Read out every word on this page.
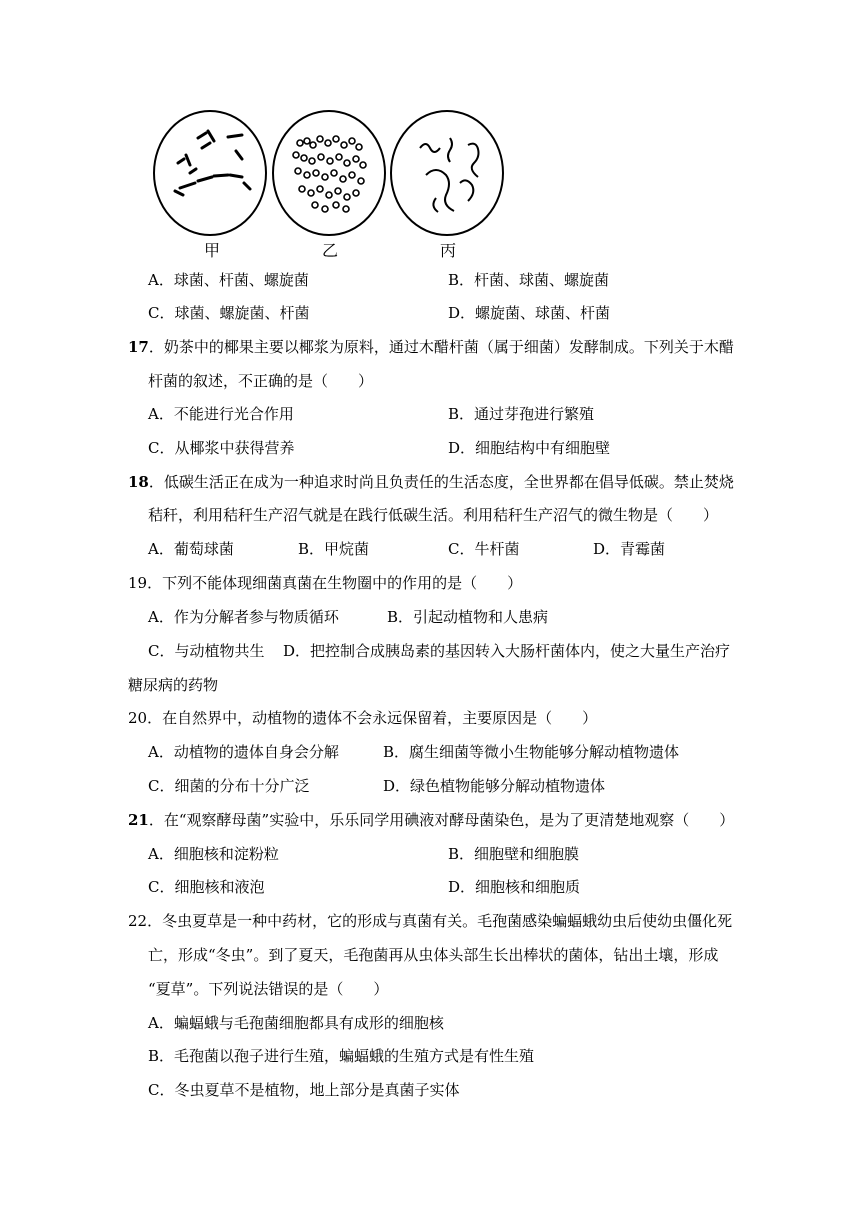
甲	乙	丙
A．球菌、杆菌、螺旋菌	B．杆菌、球菌、螺旋菌
C．球菌、螺旋菌、杆菌	D．螺旋菌、球菌、杆菌
17．奶茶中的椰果主要以椰浆为原料，通过木醋杆菌（属于细菌）发酵制成。下列关于木醋
杆菌的叙述，不正确的是（　　）
A．不能进行光合作用	B．通过芽孢进行繁殖
C．从椰浆中获得营养	D．细胞结构中有细胞壁
18．低碳生活正在成为一种追求时尚且负责任的生活态度，全世界都在倡导低碳。禁止焚烧
秸秆，利用秸秆生产沼气就是在践行低碳生活。利用秸秆生产沼气的微生物是（　　）
A．葡萄球菌	B．甲烷菌	C．牛杆菌	D．青霉菌
19．下列不能体现细菌真菌在生物圈中的作用的是（　　）
A．作为分解者参与物质循环	B．引起动植物和人患病
C．与动植物共生 D．把控制合成胰岛素的基因转入大肠杆菌体内，使之大量生产治疗
糖尿病的药物
20．在自然界中，动植物的遗体不会永远保留着，主要原因是（　　）
A．动植物的遗体自身会分解	B．腐生细菌等微小生物能够分解动植物遗体
C．细菌的分布十分广泛	D．绿色植物能够分解动植物遗体
21．在“观察酵母菌”实验中，乐乐同学用碘液对酵母菌染色，是为了更清楚地观察（　　）
A．细胞核和淀粉粒	B．细胞壁和细胞膜
C．细胞核和液泡	D．细胞核和细胞质
22．冬虫夏草是一种中药材，它的形成与真菌有关。毛孢菌感染蝙蝠蛾幼虫后使幼虫僵化死
亡，形成“冬虫”。到了夏天，毛孢菌再从虫体头部生长出棒状的菌体，钻出土壤，形成
“夏草”。下列说法错误的是（　　）
A．蝙蝠蛾与毛孢菌细胞都具有成形的细胞核
B．毛孢菌以孢子进行生殖，蝙蝠蛾的生殖方式是有性生殖
C．冬虫夏草不是植物，地上部分是真菌子实体
